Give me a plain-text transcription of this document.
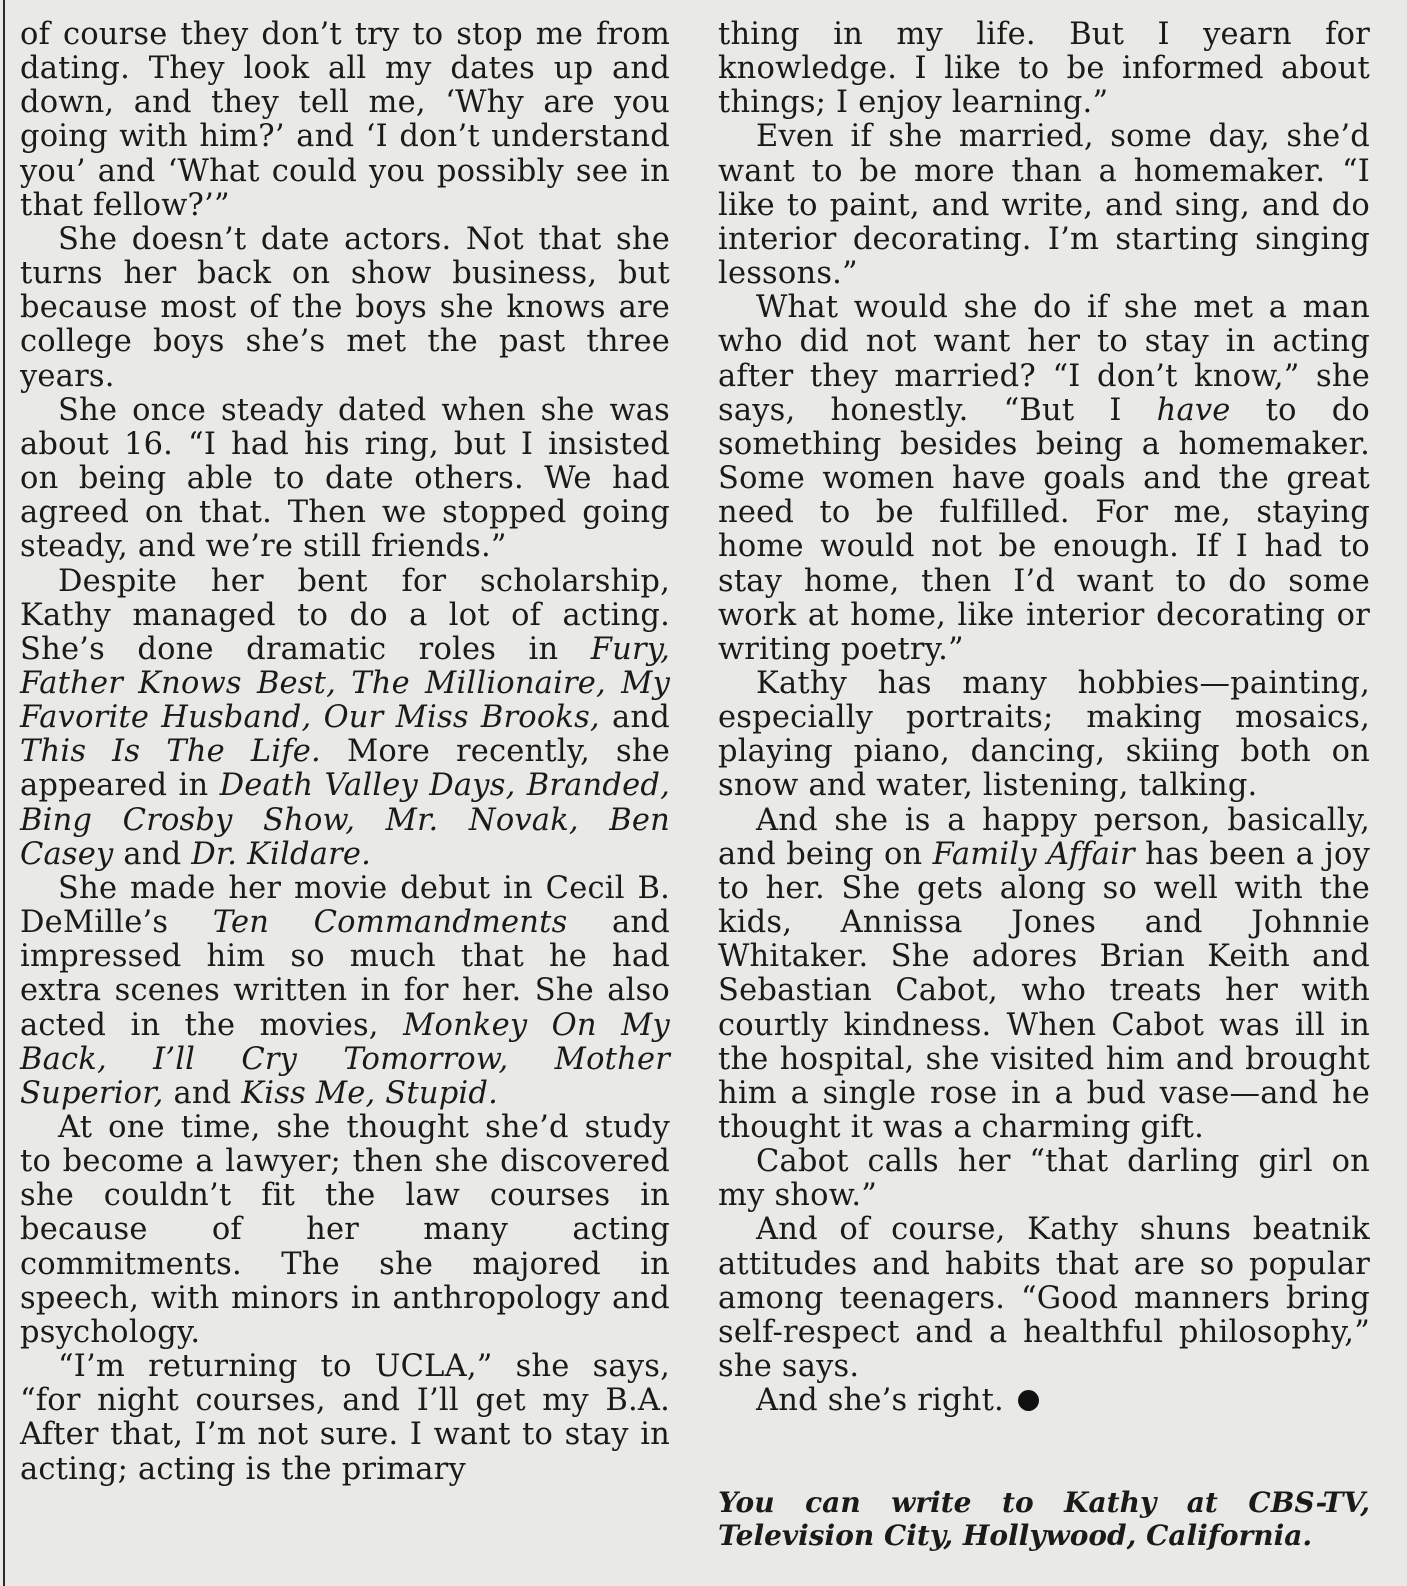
of course they don’t try to stop me from dating. They look all my dates up and down, and they tell me, ‘Why are you going with him?’ and ‘I don’t understand you’ and ‘What could you possibly see in that fellow?’”

She doesn’t date actors. Not that she turns her back on show business, but because most of the boys she knows are college boys she’s met the past three years.

She once steady dated when she was about 16. “I had his ring, but I insisted on being able to date others. We had agreed on that. Then we stopped going steady, and we’re still friends.”

Despite her bent for scholarship, Kathy managed to do a lot of acting. She’s done dramatic roles in Fury, Father Knows Best, The Millionaire, My Favorite Husband, Our Miss Brooks, and This Is The Life. More recently, she appeared in Death Valley Days, Branded, Bing Crosby Show, Mr. Novak, Ben Casey and Dr. Kildare.

She made her movie debut in Cecil B. DeMille’s Ten Commandments and impressed him so much that he had extra scenes written in for her. She also acted in the movies, Monkey On My Back, I’ll Cry Tomorrow, Mother Superior, and Kiss Me, Stupid.

At one time, she thought she’d study to become a lawyer; then she discovered she couldn’t fit the law courses in because of her many acting commitments. The she majored in speech, with minors in anthropology and psychology.

“I’m returning to UCLA,” she says, “for night courses, and I’ll get my B.A. After that, I’m not sure. I want to stay in acting; acting is the primary

thing in my life. But I yearn for knowledge. I like to be informed about things; I enjoy learning.”

Even if she married, some day, she’d want to be more than a homemaker. “I like to paint, and write, and sing, and do interior decorating. I’m starting singing lessons.”

What would she do if she met a man who did not want her to stay in acting after they married? “I don’t know,” she says, honestly. “But I have to do something besides being a homemaker. Some women have goals and the great need to be fulfilled. For me, staying home would not be enough. If I had to stay home, then I’d want to do some work at home, like interior decorating or writing poetry.”

Kathy has many hobbies—painting, especially portraits; making mosaics, playing piano, dancing, skiing both on snow and water, listening, talking.

And she is a happy person, basically, and being on Family Affair has been a joy to her. She gets along so well with the kids, Annissa Jones and Johnnie Whitaker. She adores Brian Keith and Sebastian Cabot, who treats her with courtly kindness. When Cabot was ill in the hospital, she visited him and brought him a single rose in a bud vase—and he thought it was a charming gift.

Cabot calls her “that darling girl on my show.”

And of course, Kathy shuns beatnik attitudes and habits that are so popular among teenagers. “Good manners bring self-respect and a healthful philosophy,” she says.

And she’s right.

You can write to Kathy at CBS-TV, Television City, Hollywood, California.
